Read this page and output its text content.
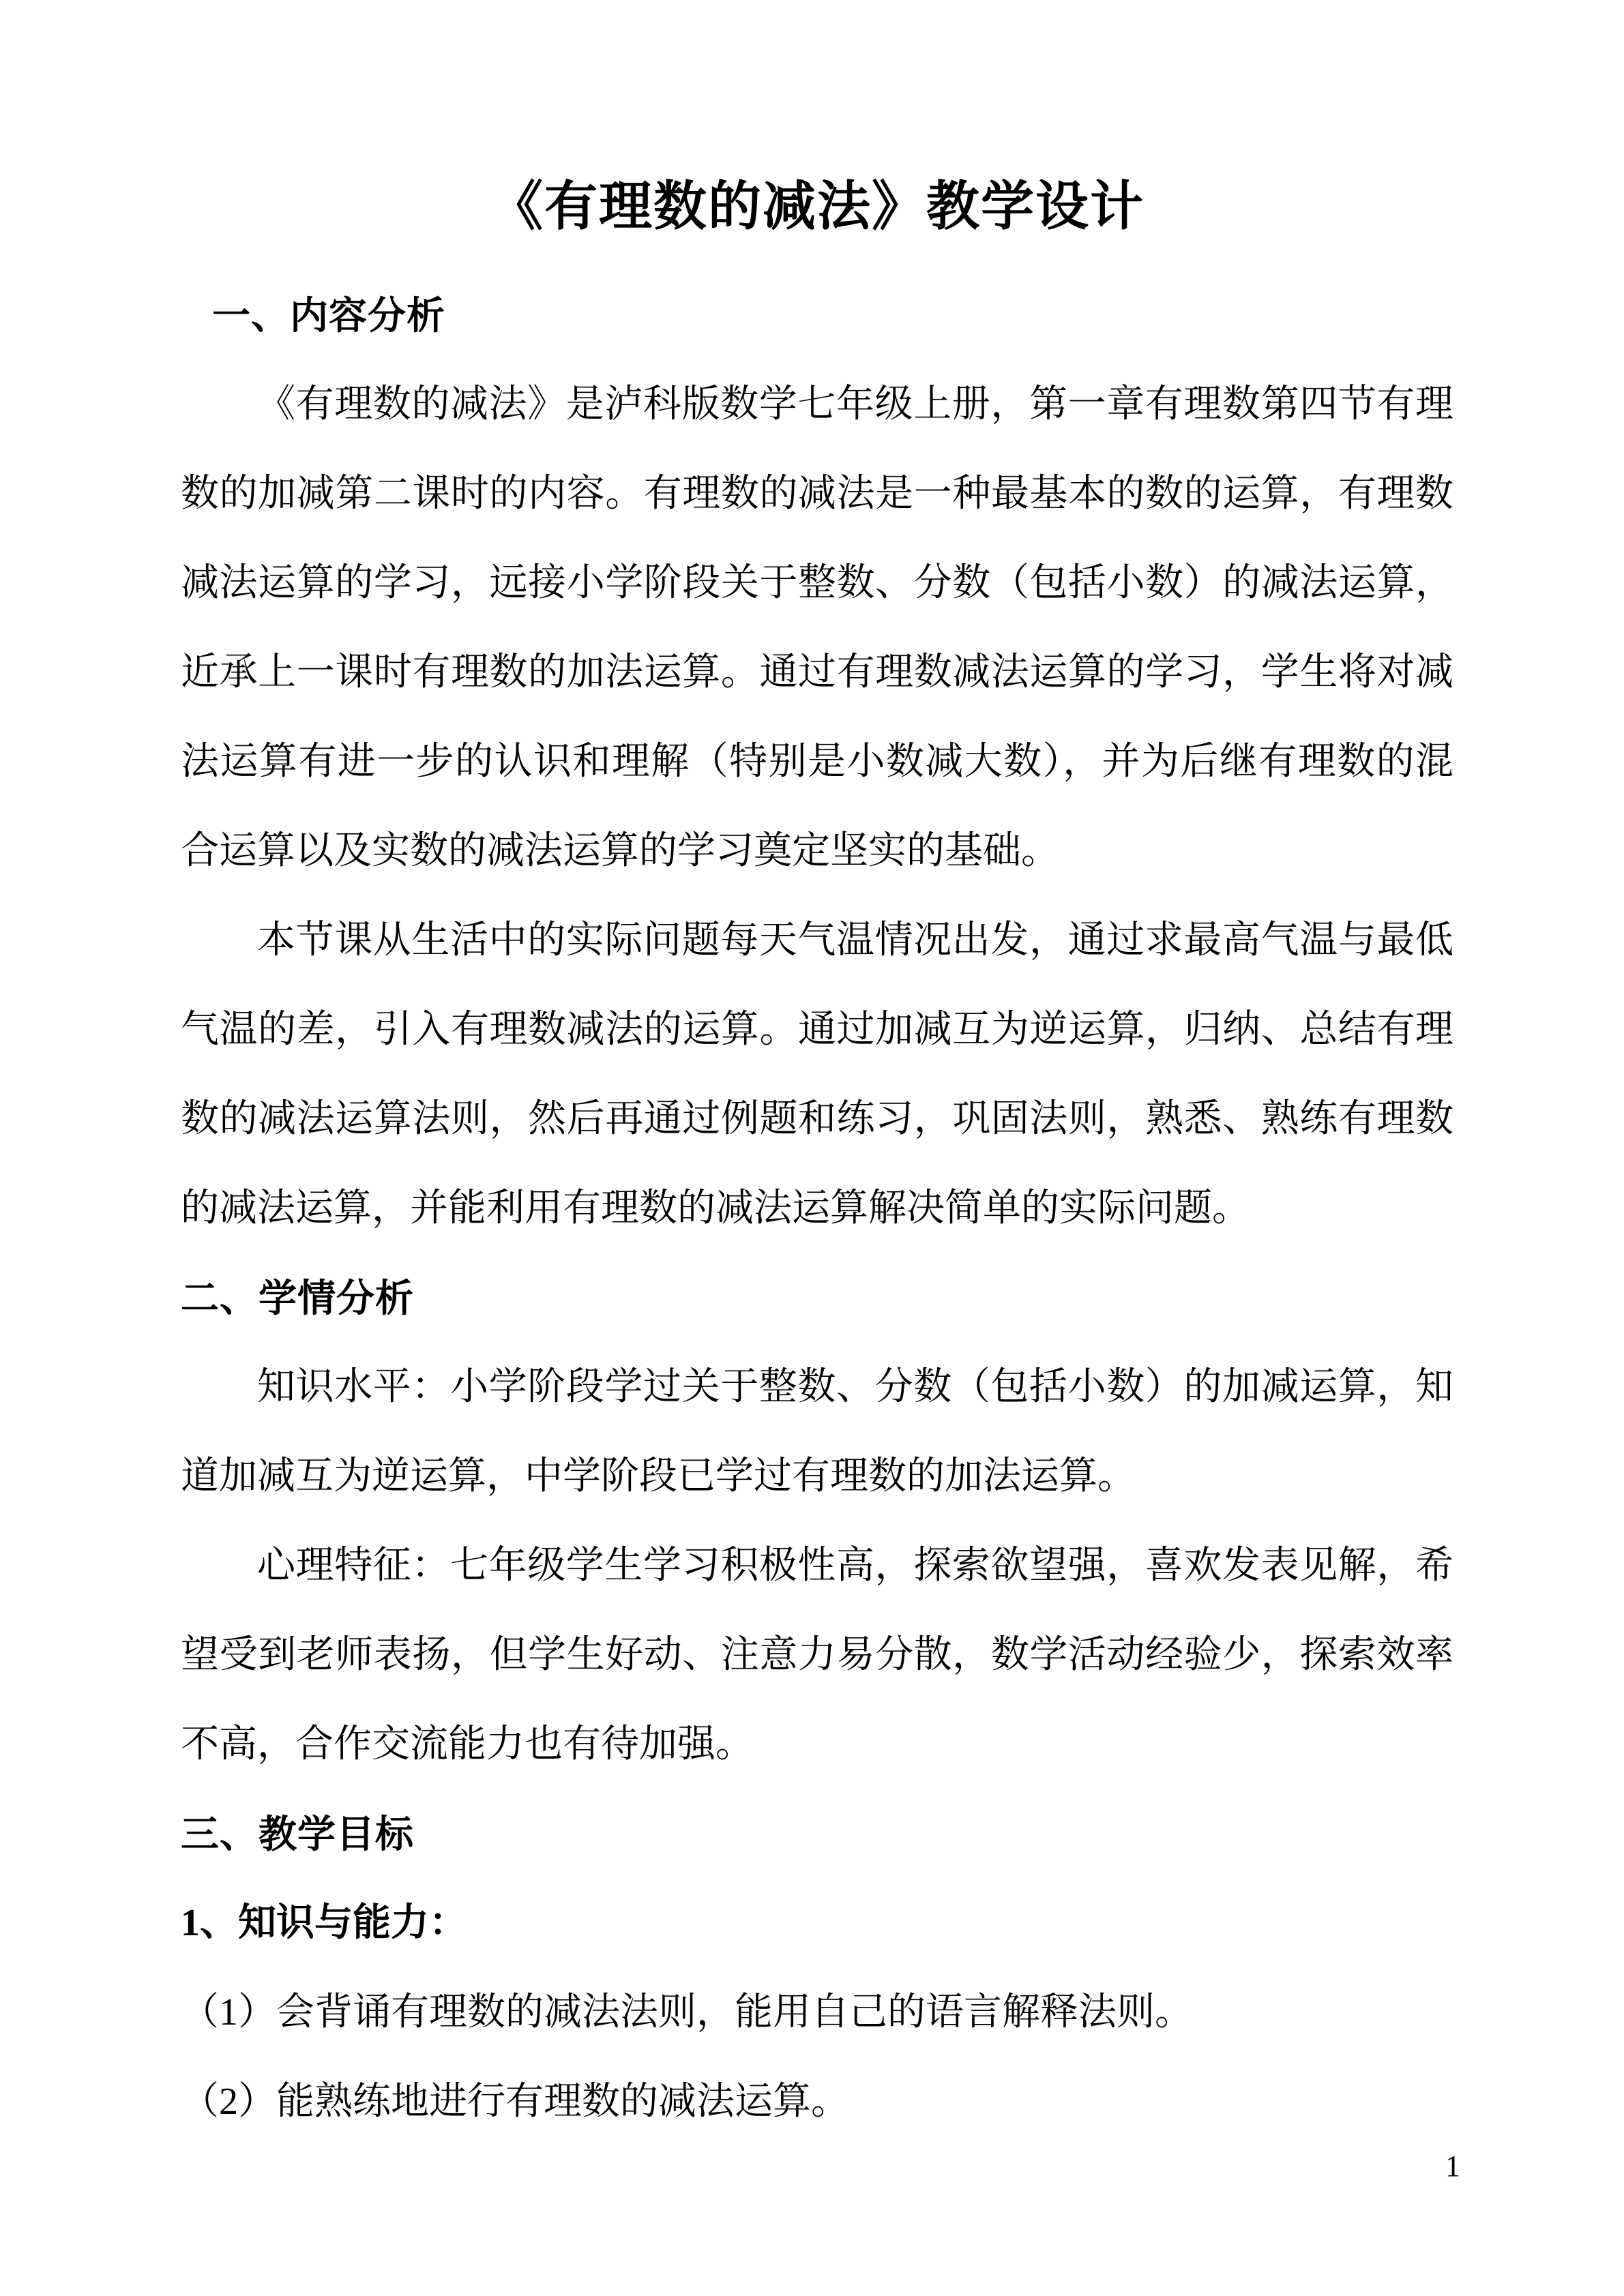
《有理数的减法》教学设计
一、内容分析

《有理数的减法》是泸科版数学七年级上册，第一章有理数第四节有理数的加减第二课时的内容。有理数的减法是一种最基本的数的运算，有理数减法运算的学习，远接小学阶段关于整数、分数（包括小数）的减法运算，近承上一课时有理数的加法运算。通过有理数减法运算的学习，学生将对减法运算有进一步的认识和理解（特别是小数减大数），并为后继有理数的混合运算以及实数的减法运算的学习奠定坚实的基础。

本节课从生活中的实际问题每天气温情况出发，通过求最高气温与最低气温的差，引入有理数减法的运算。通过加减互为逆运算，归纳、总结有理数的减法运算法则，然后再通过例题和练习，巩固法则，熟悉、熟练有理数的减法运算，并能利用有理数的减法运算解决简单的实际问题。

二、学情分析

知识水平：小学阶段学过关于整数、分数（包括小数）的加减运算，知道加减互为逆运算，中学阶段已学过有理数的加法运算。

心理特征：七年级学生学习积极性高，探索欲望强，喜欢发表见解，希望受到老师表扬，但学生好动、注意力易分散，数学活动经验少，探索效率不高，合作交流能力也有待加强。

三、教学目标
1、知识与能力：

（1）会背诵有理数的减法法则，能用自己的语言解释法则。

（2）能熟练地进行有理数的减法运算。

1
